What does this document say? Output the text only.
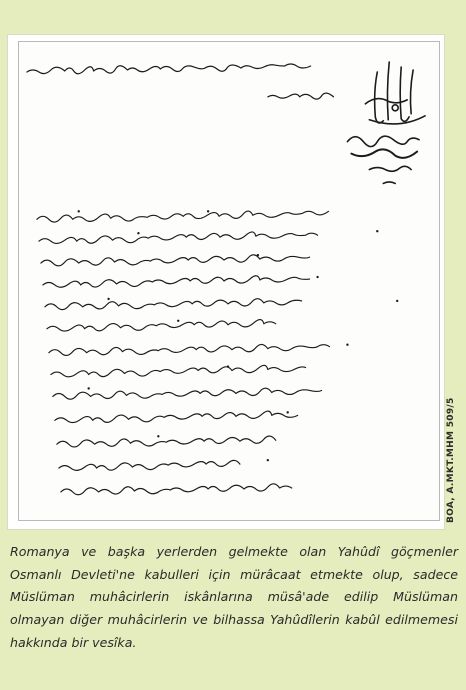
BOA, A.MKT.MHM 509/5

Romanya ve başka yerlerden gelmekte olan Yahûdî göçmenler Osmanlı Devleti'ne kabulleri için mürâcaat etmekte olup, sadece Müslüman muhâcirlerin iskânlarına müsâ'ade edilip Müslüman olmayan diğer muhâcirlerin ve bilhassa Yahûdîlerin kabûl edilmemesi hakkında bir vesîka.
